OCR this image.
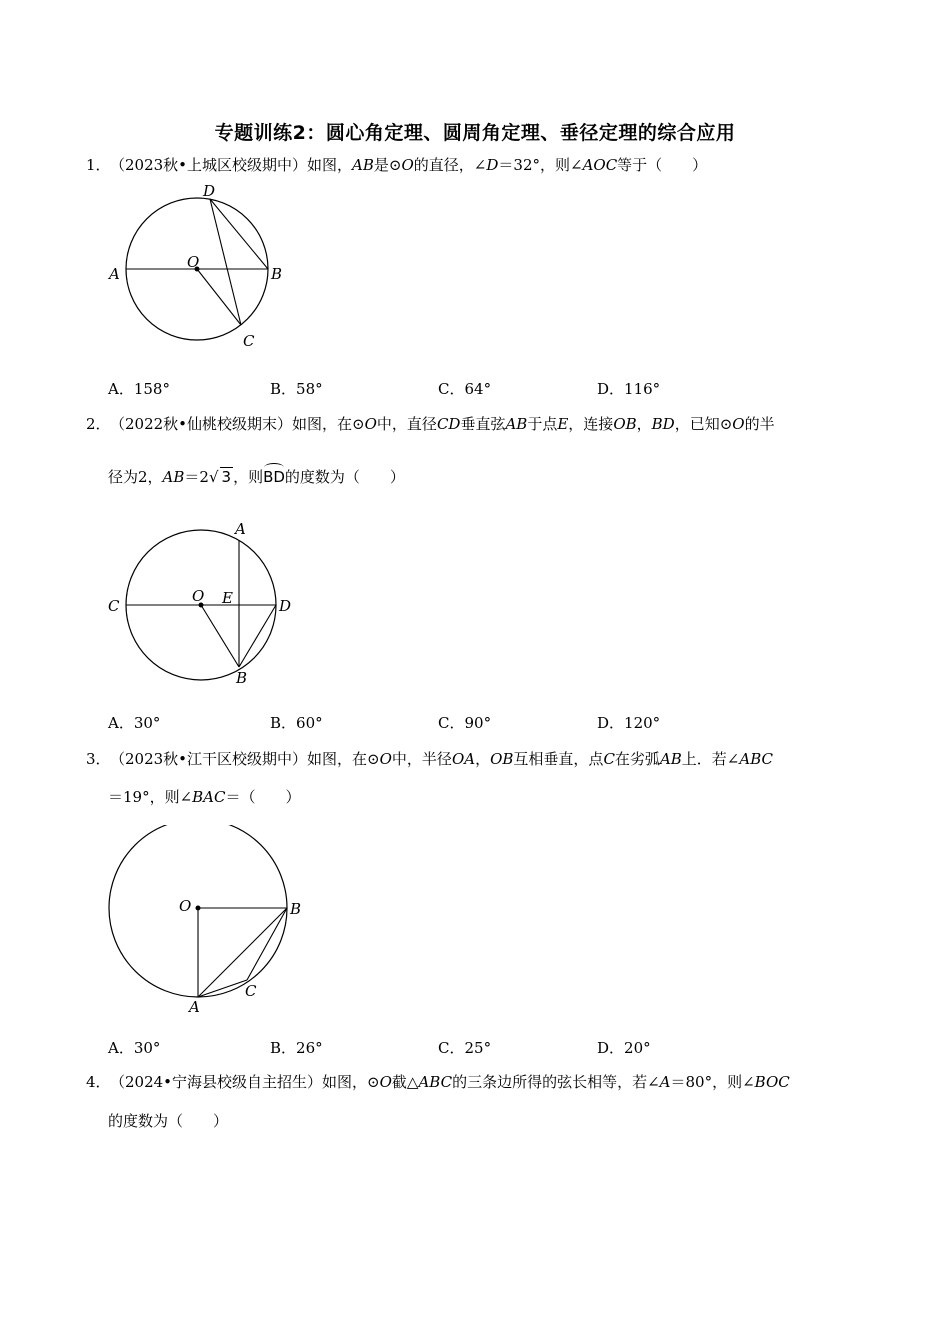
专题训练2：圆心角定理、圆周角定理、垂径定理的综合应用
1．（2023秋•上城区校级期中）如图，AB是⊙O的直径，∠D＝32°，则∠AOC等于（　　）
A	B
C
D
O
A．158°	B．58°	C．64°	D．116°
2．（2022秋•仙桃校级期末）如图，在⊙O中，直径CD垂直弦AB于点E，连接OB，BD，已知⊙O的半
径为2，AB＝2√ 3 ，则BD的度数为（　　）
A
B
C	D
E
O
A．30°	B．60°	C．90°	D．120°
3．（2023秋•江干区校级期中）如图，在⊙O中，半径OA，OB互相垂直，点C在劣弧AB上．若∠ABC
＝19°，则∠BAC＝（　　）
A
B
C
O
A．30°	B．26°	C．25°	D．20°
4．（2024•宁海县校级自主招生）如图，⊙O截△ABC的三条边所得的弦长相等，若∠A＝80°，则∠BOC
的度数为（　　）
